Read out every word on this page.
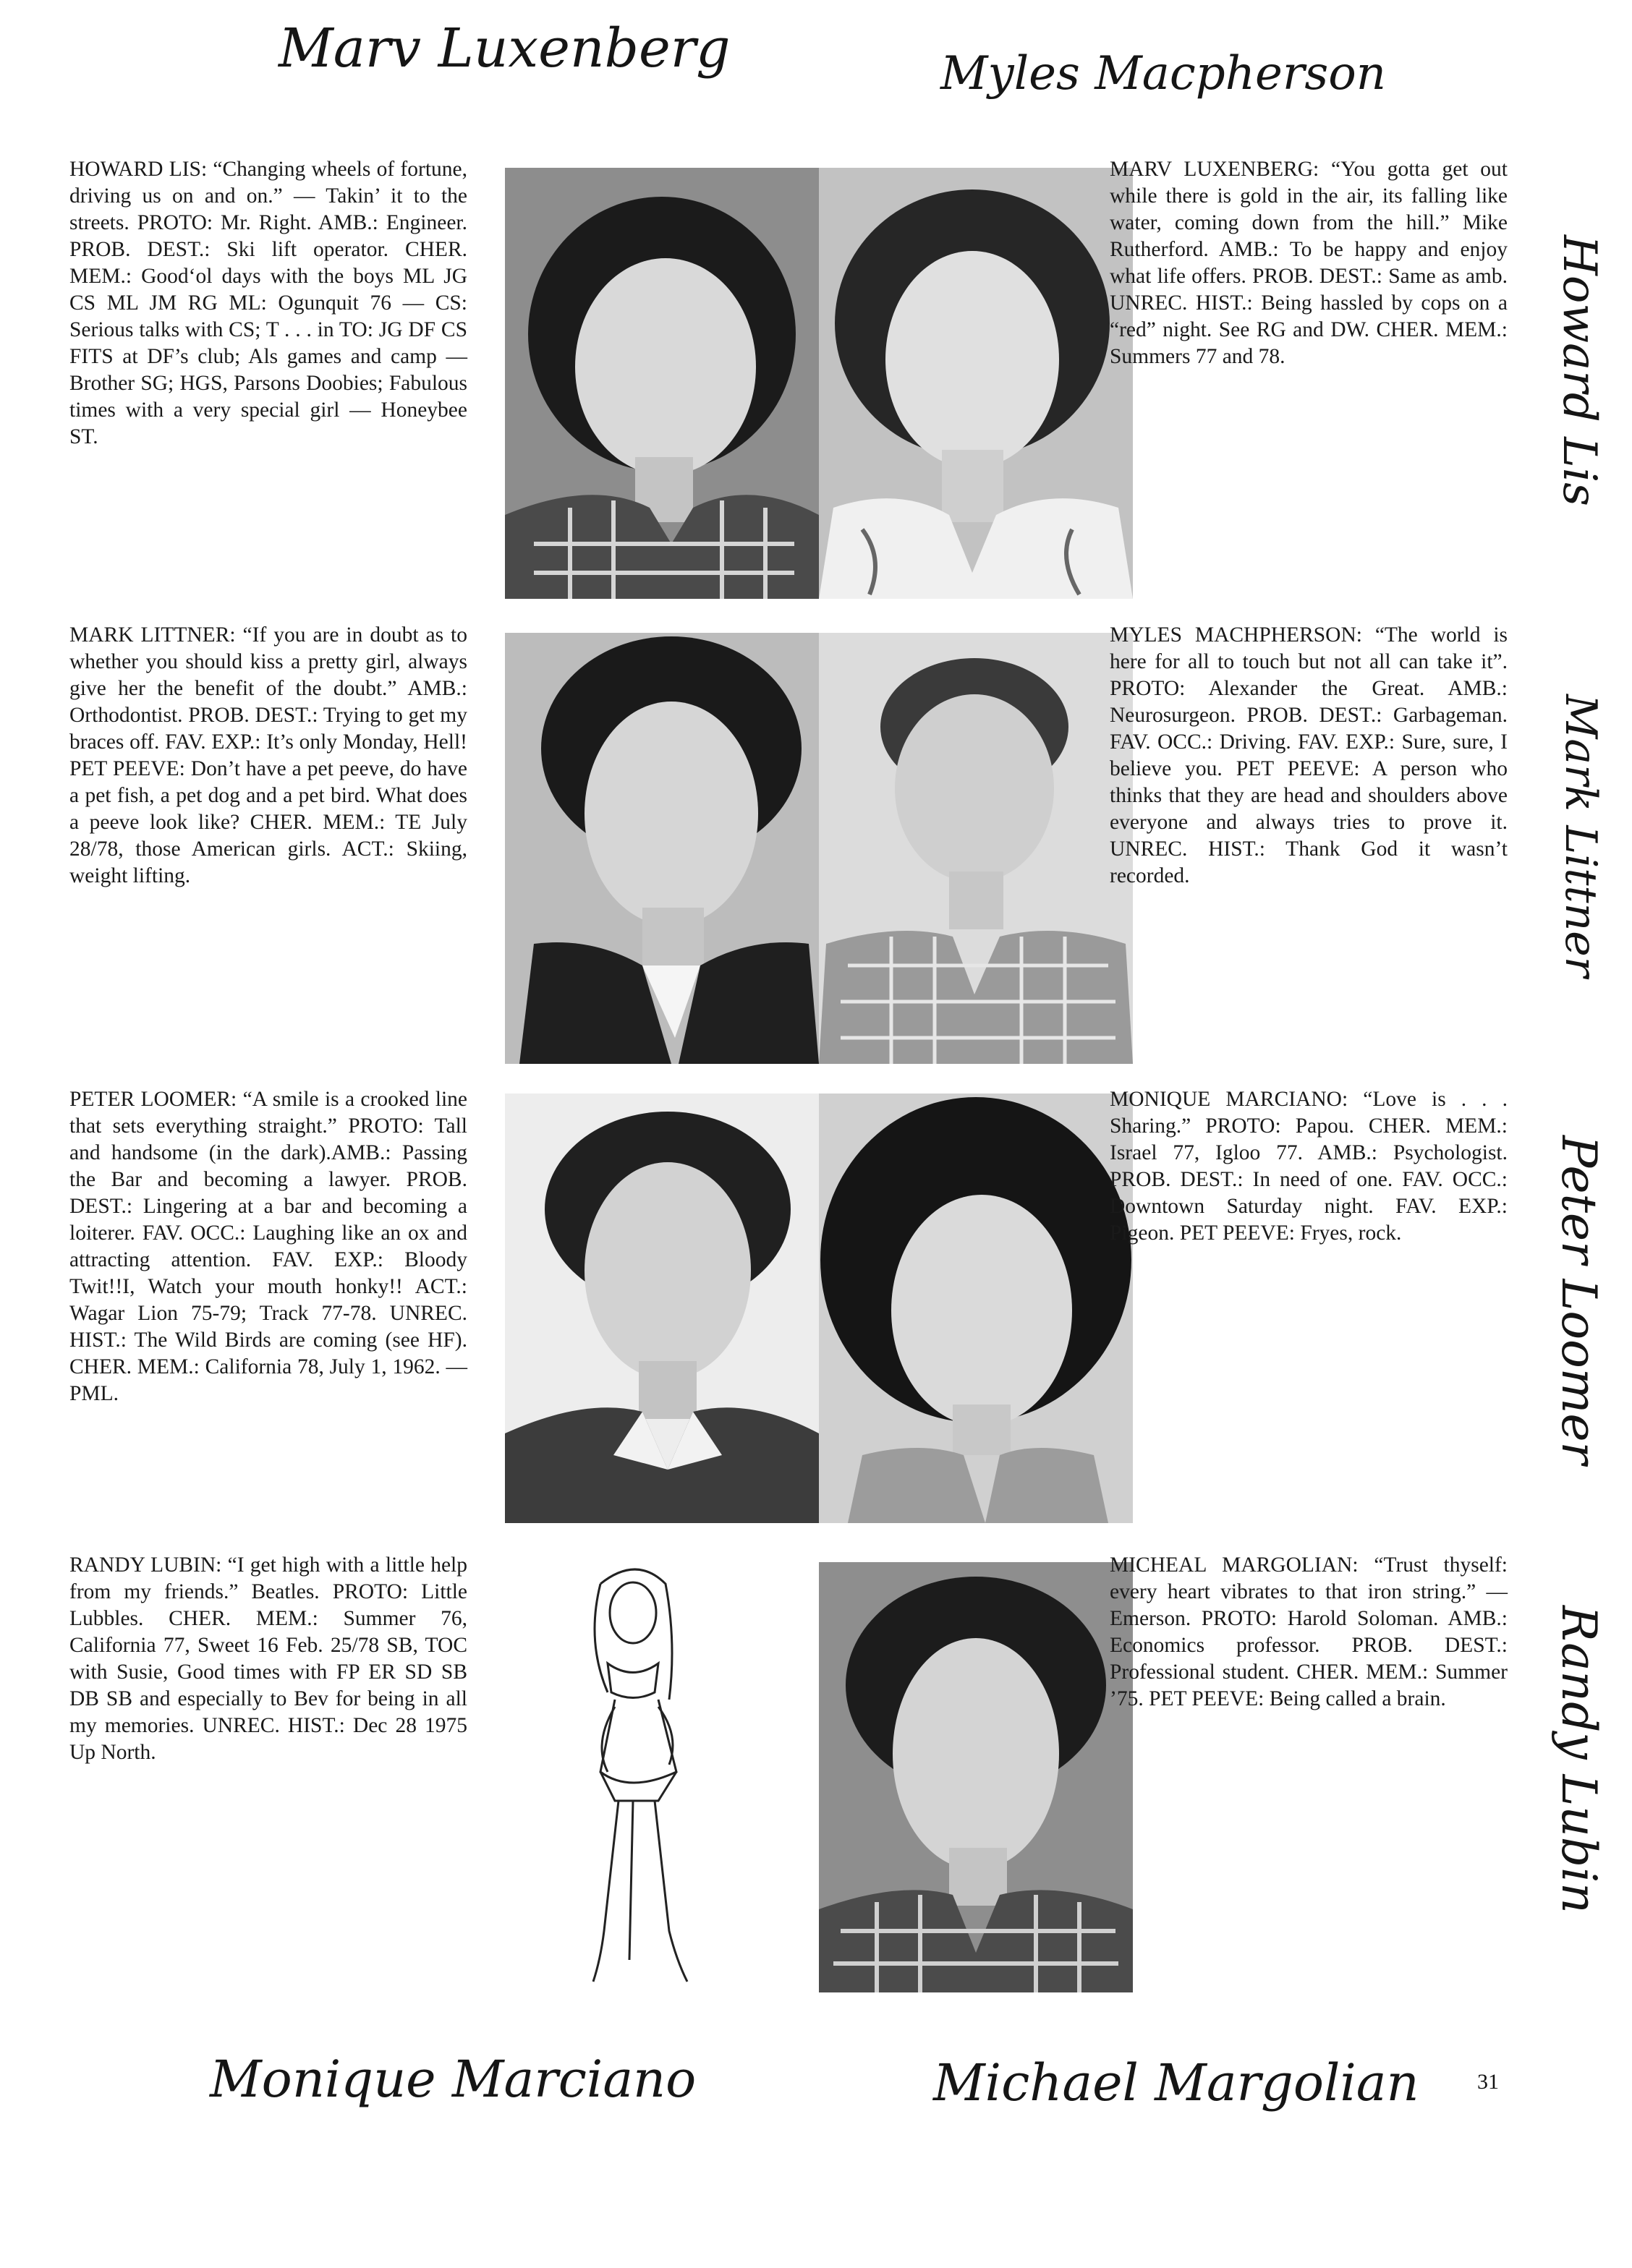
Marv Luxenberg	Myles Macpherson
Monique Marciano	Michael Margolian
Howard Lis
Mark Littner
Peter Loomer
Randy Lubin
HOWARD LIS: “Changing wheels of fortune, driving us on and on.” — Takin’ it to the streets. PROTO: Mr. Right. AMB.: Engineer. PROB. DEST.: Ski lift operator. CHER. MEM.: Good‘ol days with the boys ML JG CS ML JM RG ML: Ogunquit 76 — CS: Serious talks with CS; T . . . in TO: JG DF CS FITS at DF’s club; Als games and camp — Brother SG; HGS, Parsons Doobies; Fabulous times with a very special girl — Honeybee ST.
MARV LUXENBERG: “You gotta get out while there is gold in the air, its falling like water, coming down from the hill.” Mike Rutherford. AMB.: To be happy and enjoy what life offers. PROB. DEST.: Same as amb. UNREC. HIST.: Being hassled by cops on a “red” night. See RG and DW. CHER. MEM.: Summers 77 and 78.
MARK LITTNER: “If you are in doubt as to whether you should kiss a pretty girl, always give her the benefit of the doubt.” AMB.: Orthodontist. PROB. DEST.: Trying to get my braces off. FAV. EXP.: It’s only Monday, Hell! PET PEEVE: Don’t have a pet peeve, do have a pet fish, a pet dog and a pet bird. What does a peeve look like? CHER. MEM.: TE July 28/78, those American girls. ACT.: Skiing, weight lifting.
MYLES MACHPHERSON: “The world is here for all to touch but not all can take it”. PROTO: Alexander the Great. AMB.: Neurosurgeon. PROB. DEST.: Garbageman. FAV. OCC.: Driving. FAV. EXP.: Sure, sure, I believe you. PET PEEVE: A person who thinks that they are head and shoulders above everyone and always tries to prove it. UNREC. HIST.: Thank God it wasn’t recorded.
PETER LOOMER: “A smile is a crooked line that sets everything straight.” PROTO: Tall and handsome (in the dark).AMB.: Passing the Bar and becoming a lawyer. PROB. DEST.: Lingering at a bar and becoming a loiterer. FAV. OCC.: Laughing like an ox and attracting attention. FAV. EXP.: Bloody Twit!!I, Watch your mouth honky!! ACT.: Wagar Lion 75-79; Track 77-78. UNREC. HIST.: The Wild Birds are coming (see HF). CHER. MEM.: California 78, July 1, 1962. —PML.
MONIQUE MARCIANO: “Love is . . . Sharing.” PROTO: Papou. CHER. MEM.: Israel 77, Igloo 77. AMB.: Psychologist. PROB. DEST.: In need of one. FAV. OCC.: Downtown Saturday night. FAV. EXP.: Pigeon. PET PEEVE: Fryes, rock.
RANDY LUBIN: “I get high with a little help from my friends.” Beatles. PROTO: Little Lubbles. CHER. MEM.: Summer 76, California 77, Sweet 16 Feb. 25/78 SB, TOC with Susie, Good times with FP ER SD SB DB SB and especially to Bev for being in all my memories. UNREC. HIST.: Dec 28 1975 Up North.
MICHEAL MARGOLIAN: “Trust thyself: every heart vibrates to that iron string.” —Emerson. PROTO: Harold Soloman. AMB.: Economics professor. PROB. DEST.: Professional student. CHER. MEM.: Summer ’75. PET PEEVE: Being called a brain.
31
